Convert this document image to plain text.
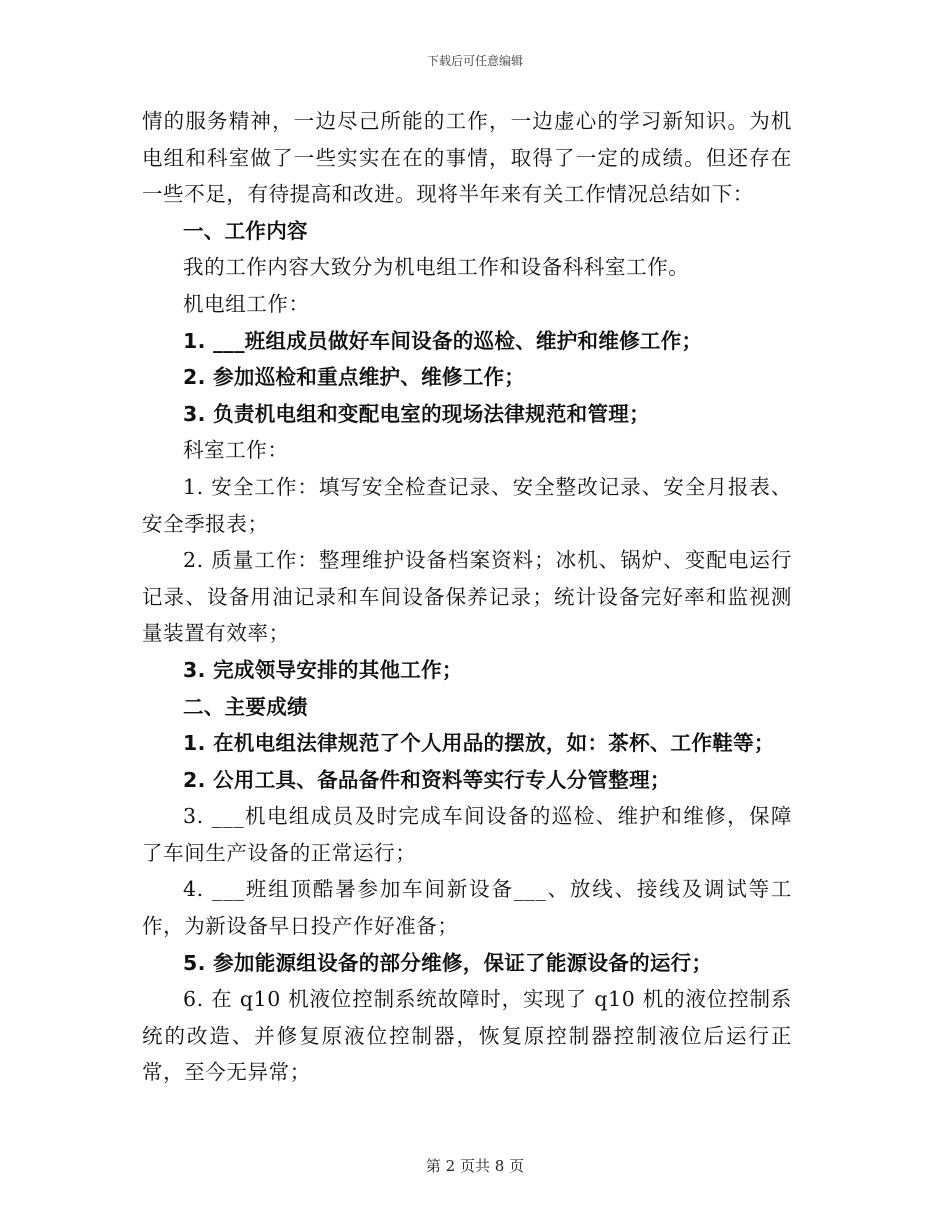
下载后可任意编辑

情的服务精神，一边尽己所能的工作，一边虚心的学习新知识。为机电组和科室做了一些实实在在的事情，取得了一定的成绩。但还存在一些不足，有待提高和改进。现将半年来有关工作情况总结如下：

一、工作内容

我的工作内容大致分为机电组工作和设备科科室工作。

机电组工作：

1. ___班组成员做好车间设备的巡检、维护和维修工作；

2. 参加巡检和重点维护、维修工作；

3. 负责机电组和变配电室的现场法律规范和管理；

科室工作：

1. 安全工作：填写安全检查记录、安全整改记录、安全月报表、安全季报表；

2. 质量工作：整理维护设备档案资料；冰机、锅炉、变配电运行记录、设备用油记录和车间设备保养记录；统计设备完好率和监视测量装置有效率；

3. 完成领导安排的其他工作；

二、主要成绩

1. 在机电组法律规范了个人用品的摆放，如：茶杯、工作鞋等；

2. 公用工具、备品备件和资料等实行专人分管整理；

3. ___机电组成员及时完成车间设备的巡检、维护和维修，保障了车间生产设备的正常运行；

4. ___班组顶酷暑参加车间新设备___、放线、接线及调试等工作，为新设备早日投产作好准备；

5. 参加能源组设备的部分维修，保证了能源设备的运行；

6. 在 q10 机液位控制系统故障时，实现了 q10 机的液位控制系统的改造、并修复原液位控制器，恢复原控制器控制液位后运行正常，至今无异常；

第 2 页共 8 页
